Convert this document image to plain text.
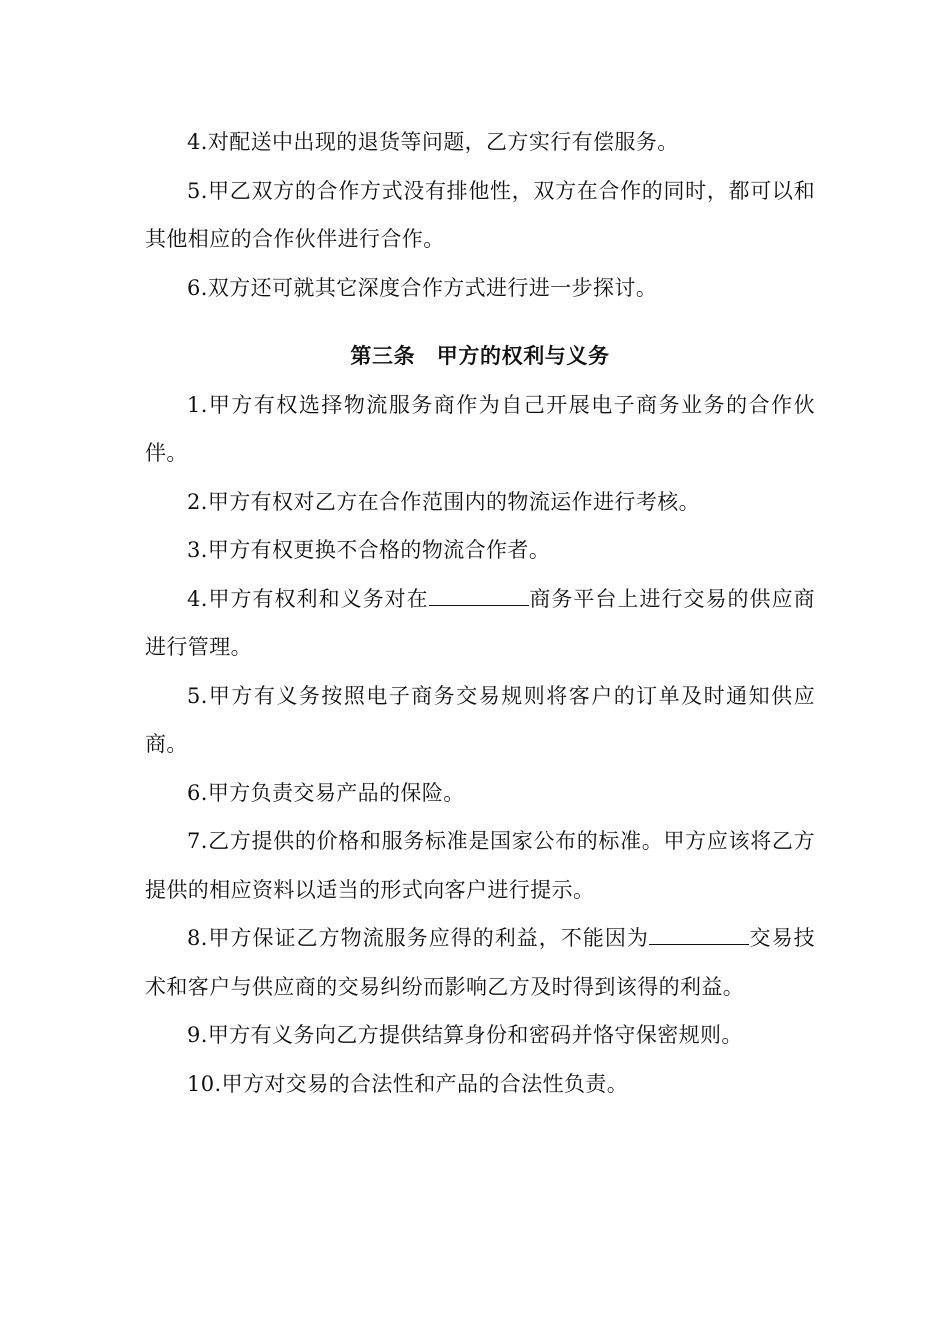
4.对配送中出现的退货等问题，乙方实行有偿服务。

5.甲乙双方的合作方式没有排他性，双方在合作的同时，都可以和其他相应的合作伙伴进行合作。

6.双方还可就其它深度合作方式进行进一步探讨。

第三条　甲方的权利与义务

1.甲方有权选择物流服务商作为自己开展电子商务业务的合作伙伴。

2.甲方有权对乙方在合作范围内的物流运作进行考核。

3.甲方有权更换不合格的物流合作者。

4.甲方有权利和义务对在	商务平台上进行交易的供应商进行管理。

5.甲方有义务按照电子商务交易规则将客户的订单及时通知供应商。

6.甲方负责交易产品的保险。

7.乙方提供的价格和服务标准是国家公布的标准。甲方应该将乙方提供的相应资料以适当的形式向客户进行提示。

8.甲方保证乙方物流服务应得的利益，不能因为	交易技术和客户与供应商的交易纠纷而影响乙方及时得到该得的利益。

9.甲方有义务向乙方提供结算身份和密码并恪守保密规则。

10.甲方对交易的合法性和产品的合法性负责。
